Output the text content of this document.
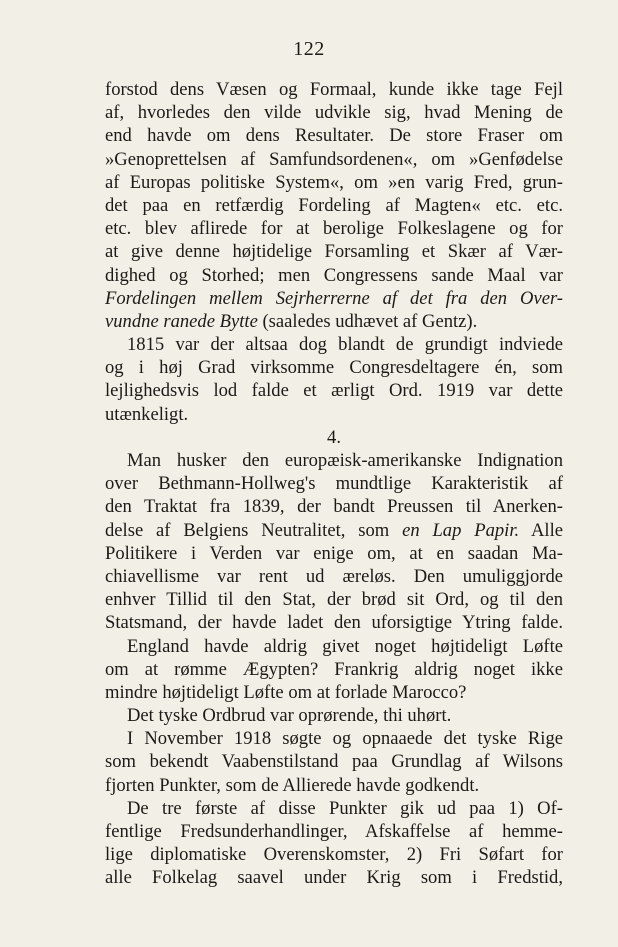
122
forstod dens Væsen og Formaal, kunde ikke tage Fejl
af, hvorledes den vilde udvikle sig, hvad Mening de
end havde om dens Resultater. De store Fraser om
»Genoprettelsen af Samfundsordenen«, om »Genfødelse
af Europas politiske System«, om »en varig Fred, grun-
det paa en retfærdig Fordeling af Magten« etc. etc.
etc. blev aflirede for at berolige Folkeslagene og for
at give denne højtidelige Forsamling et Skær af Vær-
dighed og Storhed; men Congressens sande Maal var
Fordelingen mellem Sejrherrerne af det fra den Over-
vundne ranede Bytte (saaledes udhævet af Gentz).
1815 var der altsaa dog blandt de grundigt indviede
og i høj Grad virksomme Congresdeltagere én, som
lejlighedsvis lod falde et ærligt Ord. 1919 var dette
utænkeligt.
4.
Man husker den europæisk-amerikanske Indignation
over Bethmann-Hollweg's mundtlige Karakteristik af
den Traktat fra 1839, der bandt Preussen til Anerken-
delse af Belgiens Neutralitet, som en Lap Papir. Alle
Politikere i Verden var enige om, at en saadan Ma-
chiavellisme var rent ud æreløs. Den umuliggjorde
enhver Tillid til den Stat, der brød sit Ord, og til den
Statsmand, der havde ladet den uforsigtige Ytring falde.
England havde aldrig givet noget højtideligt Løfte
om at rømme Ægypten? Frankrig aldrig noget ikke
mindre højtideligt Løfte om at forlade Marocco?
Det tyske Ordbrud var oprørende, thi uhørt.
I November 1918 søgte og opnaaede det tyske Rige
som bekendt Vaabenstilstand paa Grundlag af Wilsons
fjorten Punkter, som de Allierede havde godkendt.
De tre første af disse Punkter gik ud paa 1) Of-
fentlige Fredsunderhandlinger, Afskaffelse af hemme-
lige diplomatiske Overenskomster, 2) Fri Søfart for
alle Folkelag saavel under Krig som i Fredstid,
